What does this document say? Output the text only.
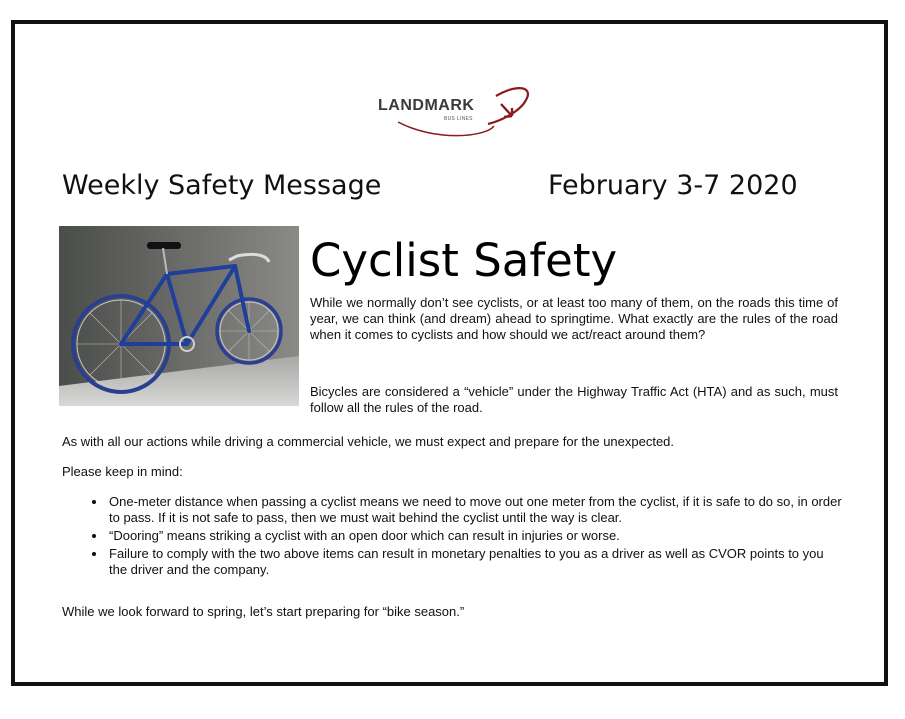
LANDMARK
BUS LINES
Weekly Safety Message	February 3-7 2020
Cyclist Safety
While we normally don’t see cyclists, or at least too many of them, on the roads this time of year, we can think (and dream) ahead to springtime. What exactly are the rules of the road when it comes to cyclists and how should we act/react around them?
Bicycles are considered a “vehicle” under the Highway Traffic Act (HTA) and as such, must follow all the rules of the road.
As with all our actions while driving a commercial vehicle, we must expect and prepare for the unexpected.
Please keep in mind:
• One-meter distance when passing a cyclist means we need to move out one meter from the cyclist, if it is safe to do so, in order to pass. If it is not safe to pass, then we must wait behind the cyclist until the way is clear.
• “Dooring” means striking a cyclist with an open door which can result in injuries or worse.
• Failure to comply with the two above items can result in monetary penalties to you as a driver as well as CVOR points to you the driver and the company.
While we look forward to spring, let’s start preparing for “bike season.”
